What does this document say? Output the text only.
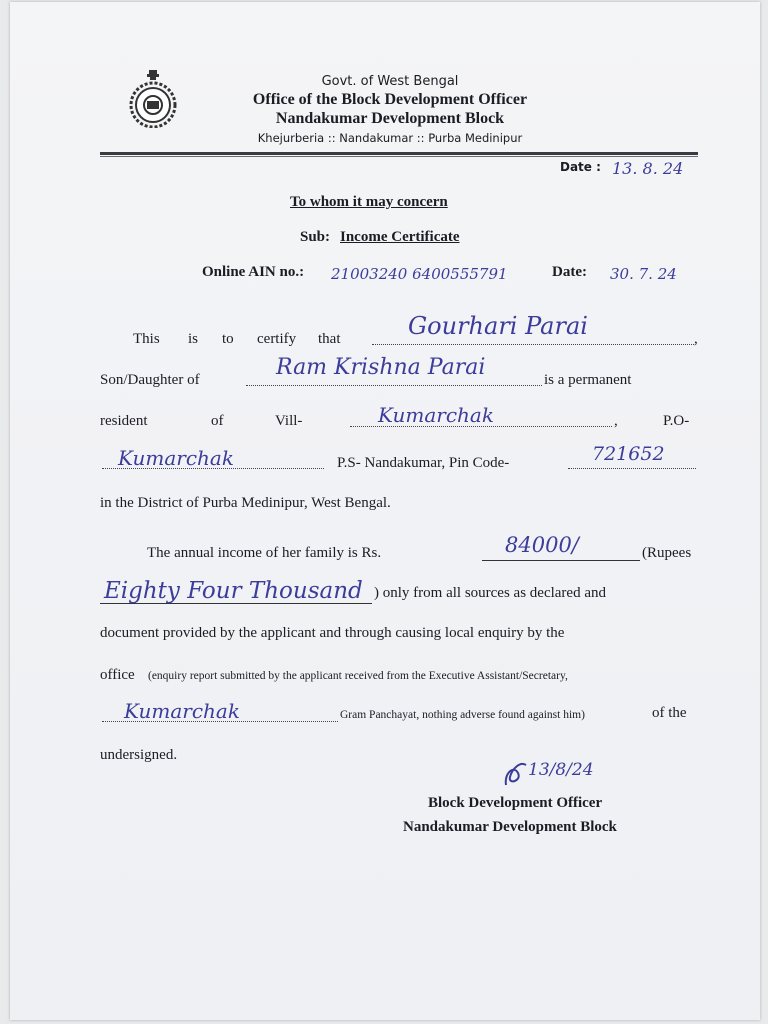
Govt. of West Bengal
Office of the Block Development Officer
Nandakumar Development Block
Khejurberia :: Nandakumar :: Purba Medinipur
Date : 13. 8. 24
To whom it may concern
Sub: Income Certificate
Online AIN no.: 21003240 6400555791	Date: 30. 7. 24
This is to certify that	Gourhari Parai	,
Son/Daughter of	Ram Krishna Parai	is a permanent
resident	of	Vill-	Kumarchak	,	P.O-
Kumarchak	P.S- Nandakumar, Pin Code-	721652
in the District of Purba Medinipur, West Bengal.
The annual income of her family is Rs.	84000/	(Rupees
Eighty Four Thousand ) only from all sources as declared and
document provided by the applicant and through causing local enquiry by the
office (enquiry report submitted by the applicant received from the Executive Assistant/Secretary,
Kumarchak	Gram Panchayat, nothing adverse found against him)	of the
undersigned.
13/8/24
Block Development Officer
Nandakumar Development Block
